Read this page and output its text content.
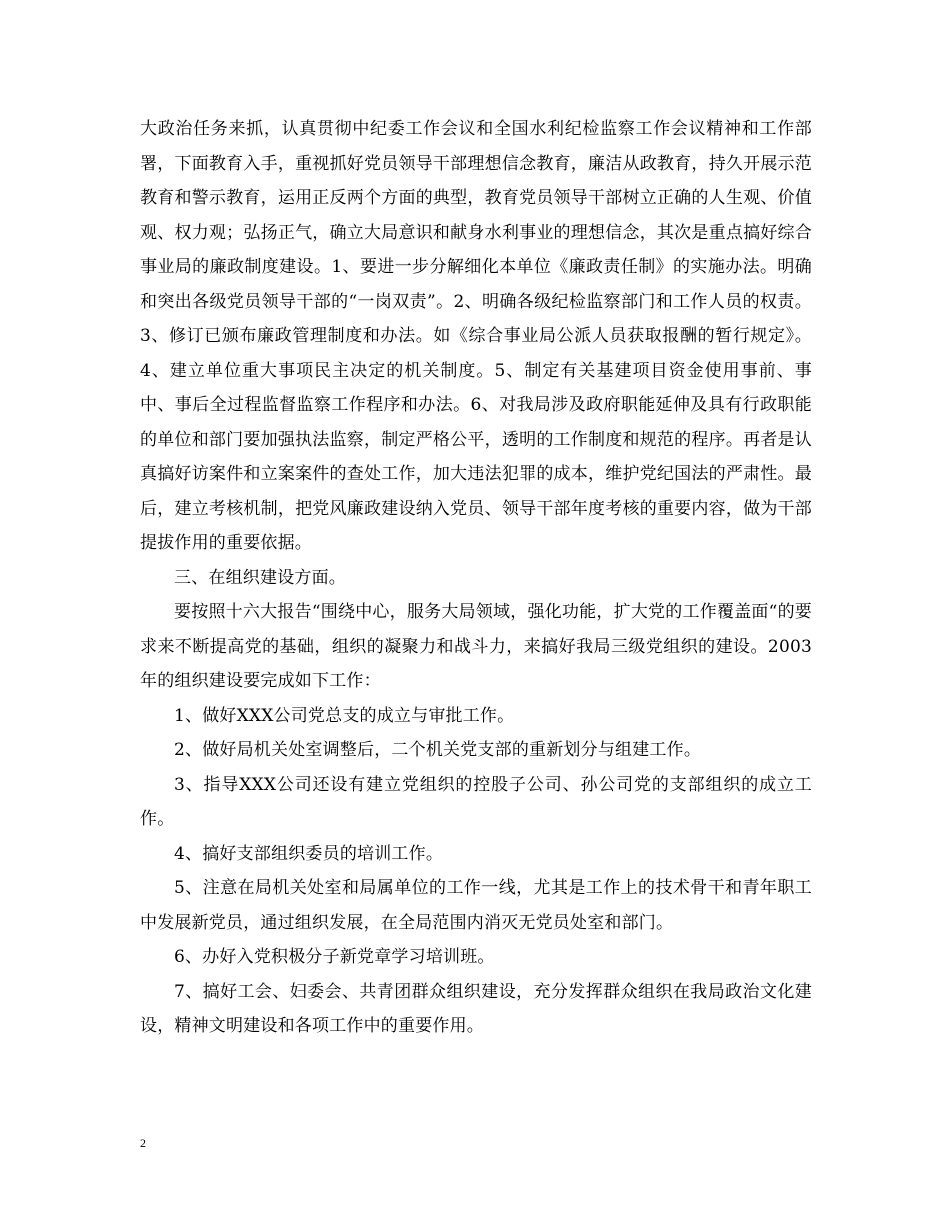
大政治任务来抓，认真贯彻中纪委工作会议和全国水利纪检监察工作会议精神和工作部署，下面教育入手，重视抓好党员领导干部理想信念教育，廉洁从政教育，持久开展示范教育和警示教育，运用正反两个方面的典型，教育党员领导干部树立正确的人生观、价值观、权力观；弘扬正气，确立大局意识和献身水利事业的理想信念，其次是重点搞好综合事业局的廉政制度建设。1、要进一步分解细化本单位《廉政责任制》的实施办法。明确和突出各级党员领导干部的“一岗双责”。2、明确各级纪检监察部门和工作人员的权责。3、修订已颁布廉政管理制度和办法。如《综合事业局公派人员获取报酬的暂行规定》。4、建立单位重大事项民主决定的机关制度。5、制定有关基建项目资金使用事前、事中、事后全过程监督监察工作程序和办法。6、对我局涉及政府职能延伸及具有行政职能的单位和部门要加强执法监察，制定严格公平，透明的工作制度和规范的程序。再者是认真搞好访案件和立案案件的查处工作，加大违法犯罪的成本，维护党纪国法的严肃性。最后，建立考核机制，把党风廉政建设纳入党员、领导干部年度考核的重要内容，做为干部提拔作用的重要依据。

三、在组织建设方面。

要按照十六大报告“围绕中心，服务大局领域，强化功能，扩大党的工作覆盖面“的要求来不断提高党的基础，组织的凝聚力和战斗力，来搞好我局三级党组织的建设。2003年的组织建设要完成如下工作：

1、做好XXX公司党总支的成立与审批工作。

2、做好局机关处室调整后，二个机关党支部的重新划分与组建工作。

3、指导XXX公司还设有建立党组织的控股子公司、孙公司党的支部组织的成立工作。

4、搞好支部组织委员的培训工作。

5、注意在局机关处室和局属单位的工作一线，尤其是工作上的技术骨干和青年职工中发展新党员，通过组织发展，在全局范围内消灭无党员处室和部门。

6、办好入党积极分子新党章学习培训班。

7、搞好工会、妇委会、共青团群众组织建设，充分发挥群众组织在我局政治文化建设，精神文明建设和各项工作中的重要作用。

2
